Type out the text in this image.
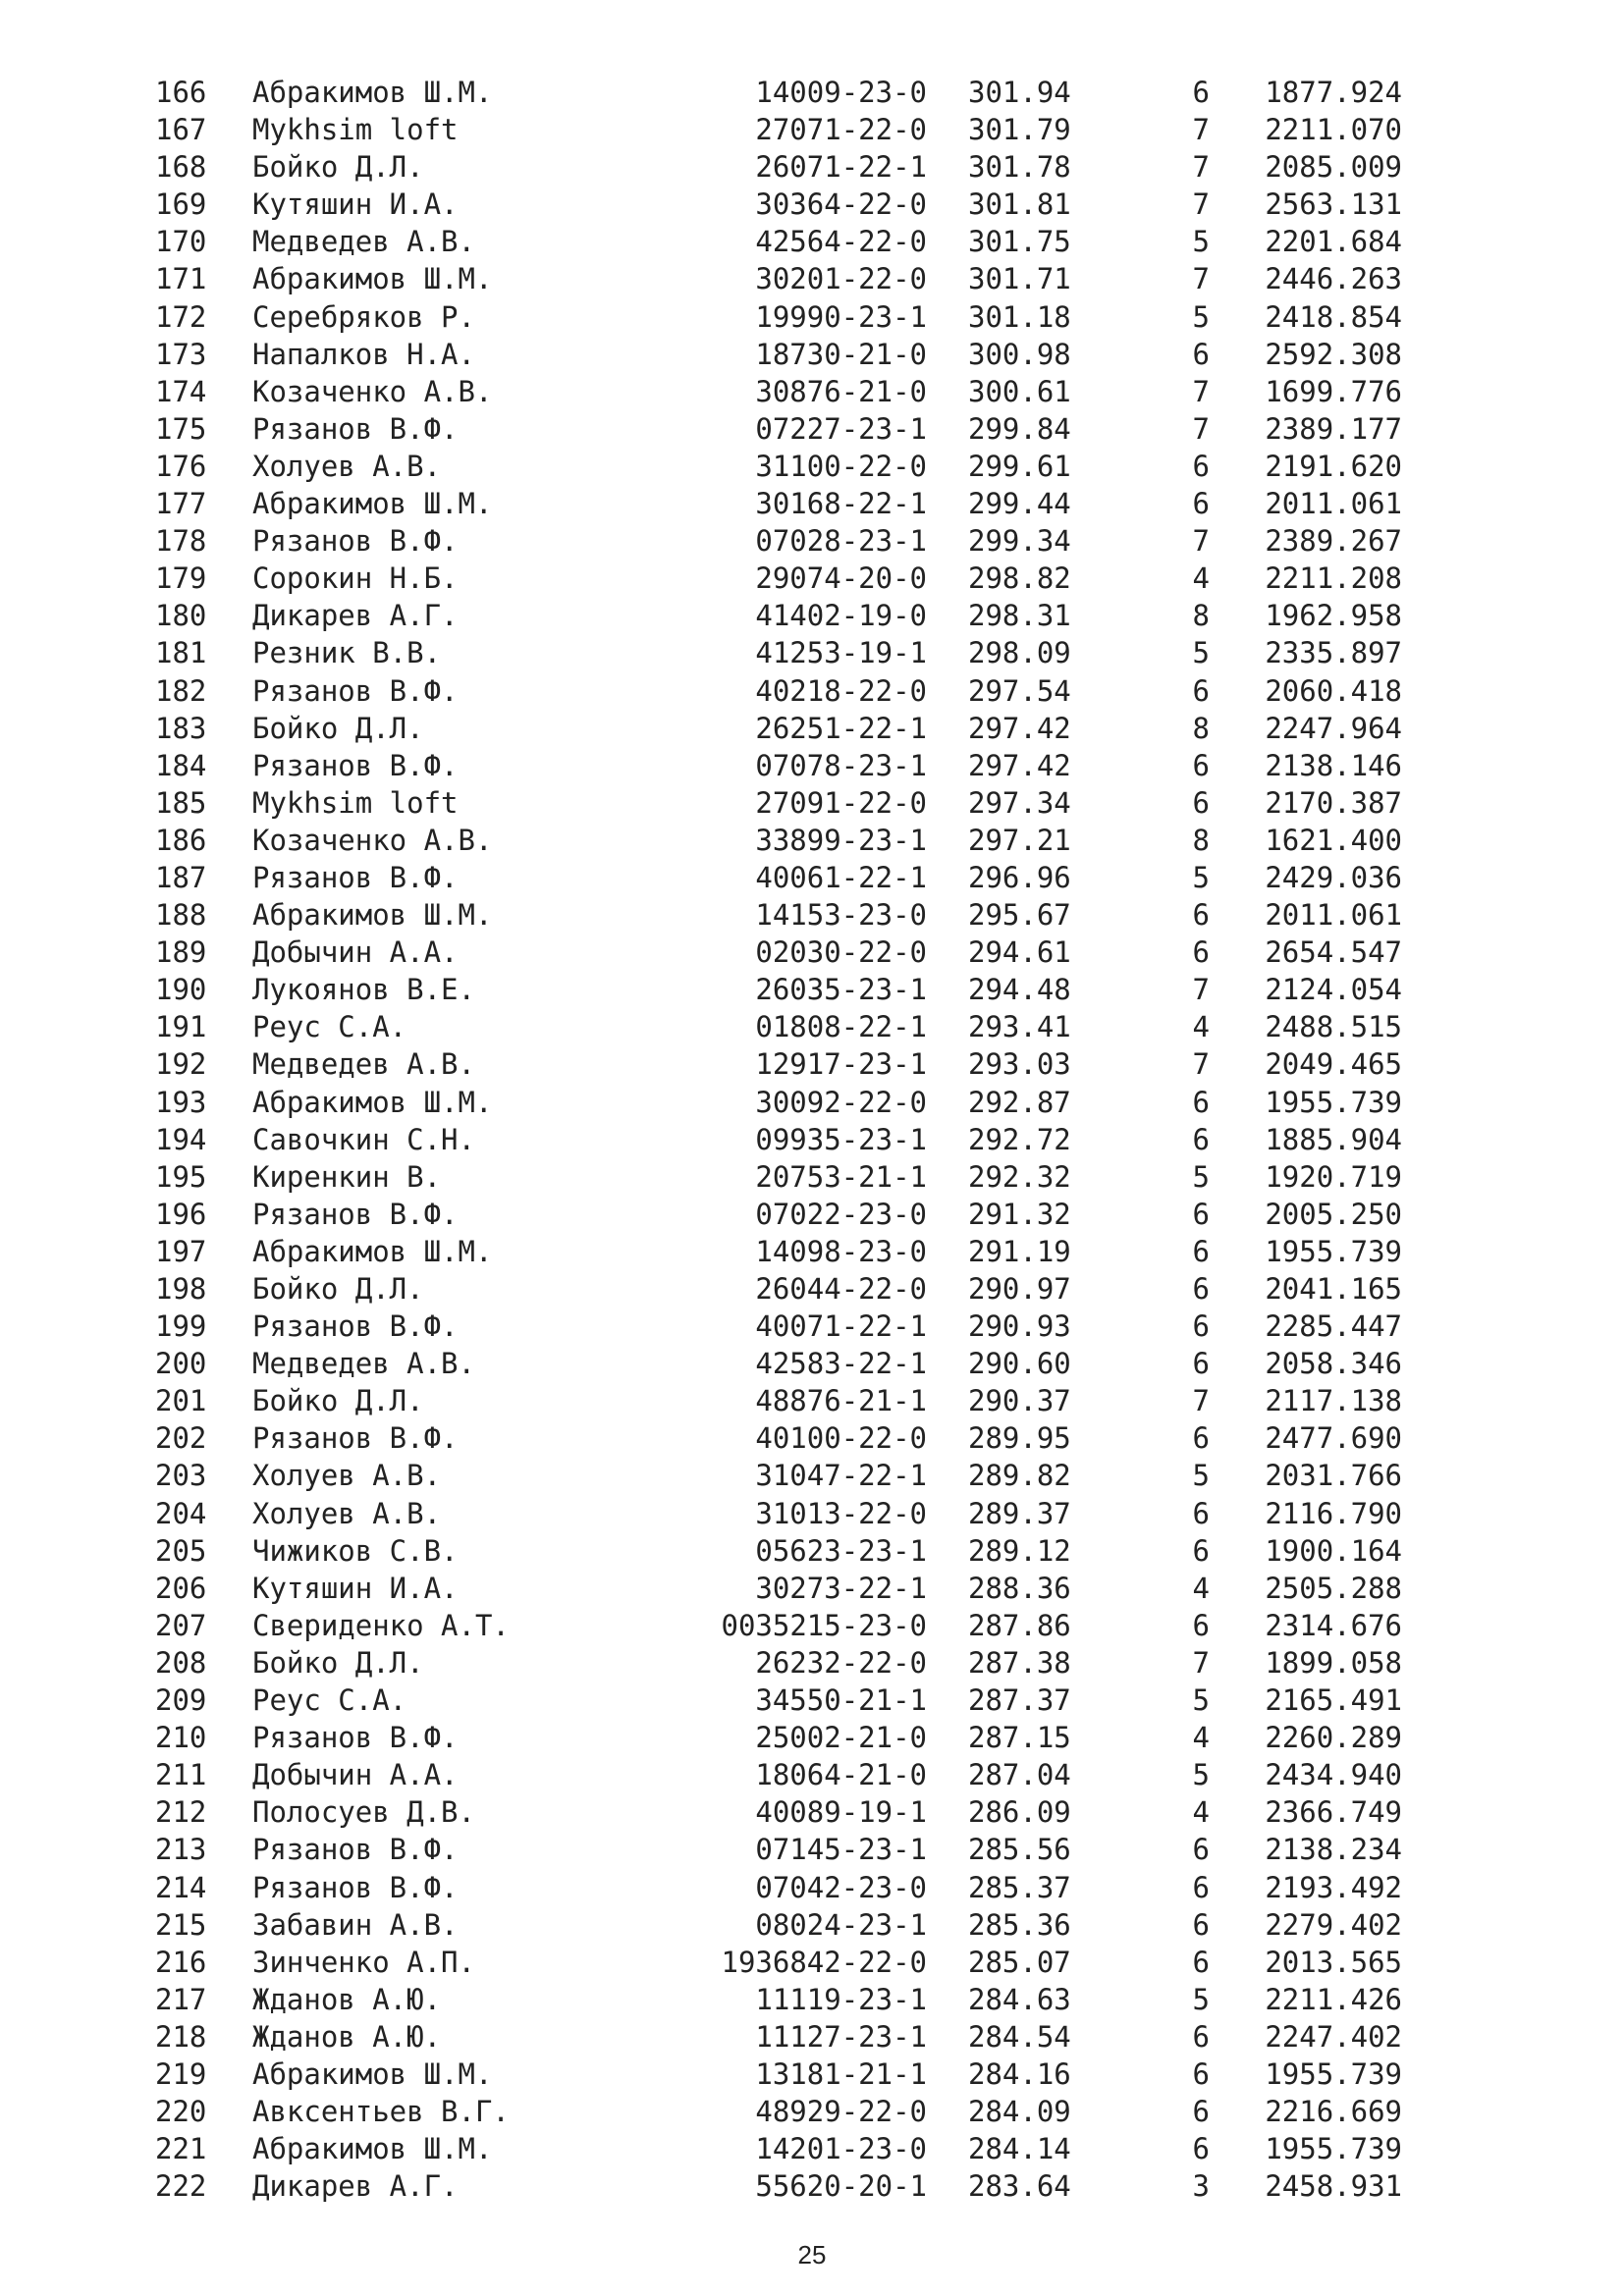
166 Абракимов Ш.М.	14009-23-0 301.94	6 1877.924
167 Mykhsim loft	27071-22-0 301.79	7 2211.070
168 Бойко Д.Л.	26071-22-1 301.78	7 2085.009
169 Кутяшин И.А.	30364-22-0 301.81	7 2563.131
170 Медведев А.В.	42564-22-0 301.75	5 2201.684
171 Абракимов Ш.М.	30201-22-0 301.71	7 2446.263
172 Серебряков Р.	19990-23-1 301.18	5 2418.854
173 Напалков Н.А.	18730-21-0 300.98	6 2592.308
174 Козаченко А.В.	30876-21-0 300.61	7 1699.776
175 Рязанов В.Ф.	07227-23-1 299.84	7 2389.177
176 Холуев А.В.	31100-22-0 299.61	6 2191.620
177 Абракимов Ш.М.	30168-22-1 299.44	6 2011.061
178 Рязанов В.Ф.	07028-23-1 299.34	7 2389.267
179 Сорокин Н.Б.	29074-20-0 298.82	4 2211.208
180 Дикарев А.Г.	41402-19-0 298.31	8 1962.958
181 Резник В.В.	41253-19-1 298.09	5 2335.897
182 Рязанов В.Ф.	40218-22-0 297.54	6 2060.418
183 Бойко Д.Л.	26251-22-1 297.42	8 2247.964
184 Рязанов В.Ф.	07078-23-1 297.42	6 2138.146
185 Mykhsim loft	27091-22-0 297.34	6 2170.387
186 Козаченко А.В.	33899-23-1 297.21	8 1621.400
187 Рязанов В.Ф.	40061-22-1 296.96	5 2429.036
188 Абракимов Ш.М.	14153-23-0 295.67	6 2011.061
189 Добычин А.А.	02030-22-0 294.61	6 2654.547
190 Лукоянов В.Е.	26035-23-1 294.48	7 2124.054
191 Реус С.А.	01808-22-1 293.41	4 2488.515
192 Медведев А.В.	12917-23-1 293.03	7 2049.465
193 Абракимов Ш.М.	30092-22-0 292.87	6 1955.739
194 Савочкин С.Н.	09935-23-1 292.72	6 1885.904
195 Киренкин В.	20753-21-1 292.32	5 1920.719
196 Рязанов В.Ф.	07022-23-0 291.32	6 2005.250
197 Абракимов Ш.М.	14098-23-0 291.19	6 1955.739
198 Бойко Д.Л.	26044-22-0 290.97	6 2041.165
199 Рязанов В.Ф.	40071-22-1 290.93	6 2285.447
200 Медведев А.В.	42583-22-1 290.60	6 2058.346
201 Бойко Д.Л.	48876-21-1 290.37	7 2117.138
202 Рязанов В.Ф.	40100-22-0 289.95	6 2477.690
203 Холуев А.В.	31047-22-1 289.82	5 2031.766
204 Холуев А.В.	31013-22-0 289.37	6 2116.790
205 Чижиков С.В.	05623-23-1 289.12	6 1900.164
206 Кутяшин И.А.	30273-22-1 288.36	4 2505.288
207 Свериденко А.Т.	0035215-23-0 287.86	6 2314.676
208 Бойко Д.Л.	26232-22-0 287.38	7 1899.058
209 Реус С.А.	34550-21-1 287.37	5 2165.491
210 Рязанов В.Ф.	25002-21-0 287.15	4 2260.289
211 Добычин А.А.	18064-21-0 287.04	5 2434.940
212 Полосуев Д.В.	40089-19-1 286.09	4 2366.749
213 Рязанов В.Ф.	07145-23-1 285.56	6 2138.234
214 Рязанов В.Ф.	07042-23-0 285.37	6 2193.492
215 Забавин А.В.	08024-23-1 285.36	6 2279.402
216 Зинченко А.П.	1936842-22-0 285.07	6 2013.565
217 Жданов А.Ю.	11119-23-1 284.63	5 2211.426
218 Жданов А.Ю.	11127-23-1 284.54	6 2247.402
219 Абракимов Ш.М.	13181-21-1 284.16	6 1955.739
220 Авксентьев В.Г.	48929-22-0 284.09	6 2216.669
221 Абракимов Ш.М.	14201-23-0 284.14	6 1955.739
222 Дикарев А.Г.	55620-20-1 283.64	3 2458.931
25
